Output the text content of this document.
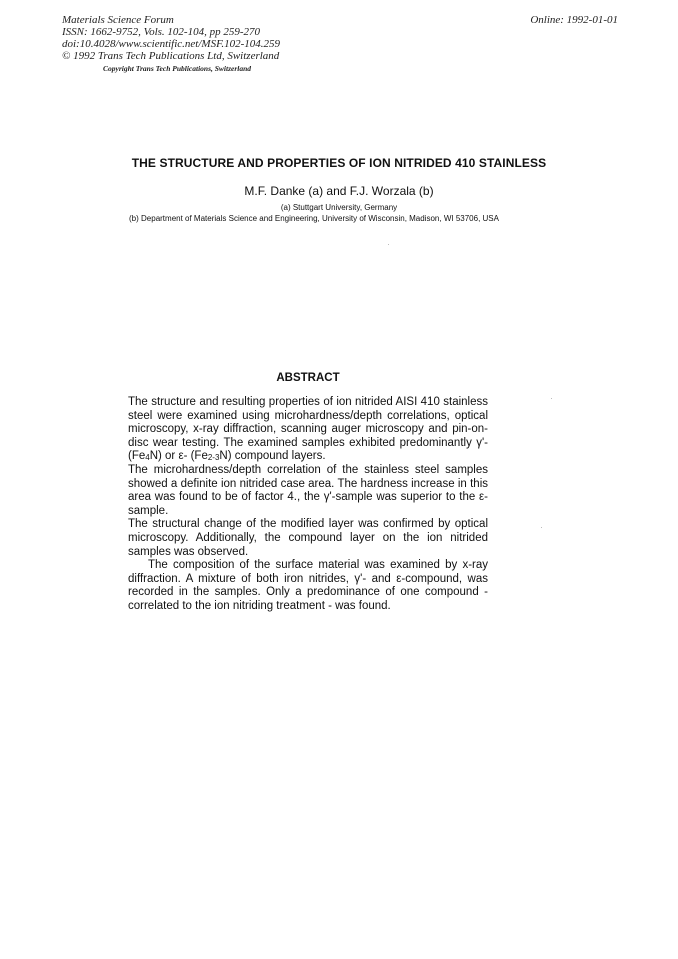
Materials Science Forum
ISSN: 1662-9752, Vols. 102-104, pp 259-270
doi:10.4028/www.scientific.net/MSF.102-104.259
© 1992 Trans Tech Publications Ltd, Switzerland
Copyright Trans Tech Publications, Switzerland
Online: 1992-01-01
THE STRUCTURE AND PROPERTIES OF ION NITRIDED 410 STAINLESS
M.F. Danke (a) and F.J. Worzala (b)
(a) Stuttgart University, Germany
(b) Department of Materials Science and Engineering, University of Wisconsin, Madison, WI 53706, USA
ABSTRACT

The structure and resulting properties of ion nitrided AISI 410 stainless steel were examined using microhardness/depth correlations, optical microscopy, x-ray diffraction, scanning auger microscopy and pin-on-disc wear testing. The examined samples exhibited predominantly γ'- $(Fe_4N)$ or ε- $(Fe_{2-3}N)$ compound layers.

The microhardness/depth correlation of the stainless steel samples showed a definite ion nitrided case area. The hardness increase in this area was found to be of factor 4., the γ'-sample was superior to the ε- sample.

The structural change of the modified layer was confirmed by optical microscopy. Additionally, the compound layer on the ion nitrided samples was observed.

The composition of the surface material was examined by x-ray diffraction. A mixture of both iron nitrides, γ'- and ε-compound, was recorded in the samples. Only a predominance of one compound - correlated to the ion nitriding treatment - was found.
